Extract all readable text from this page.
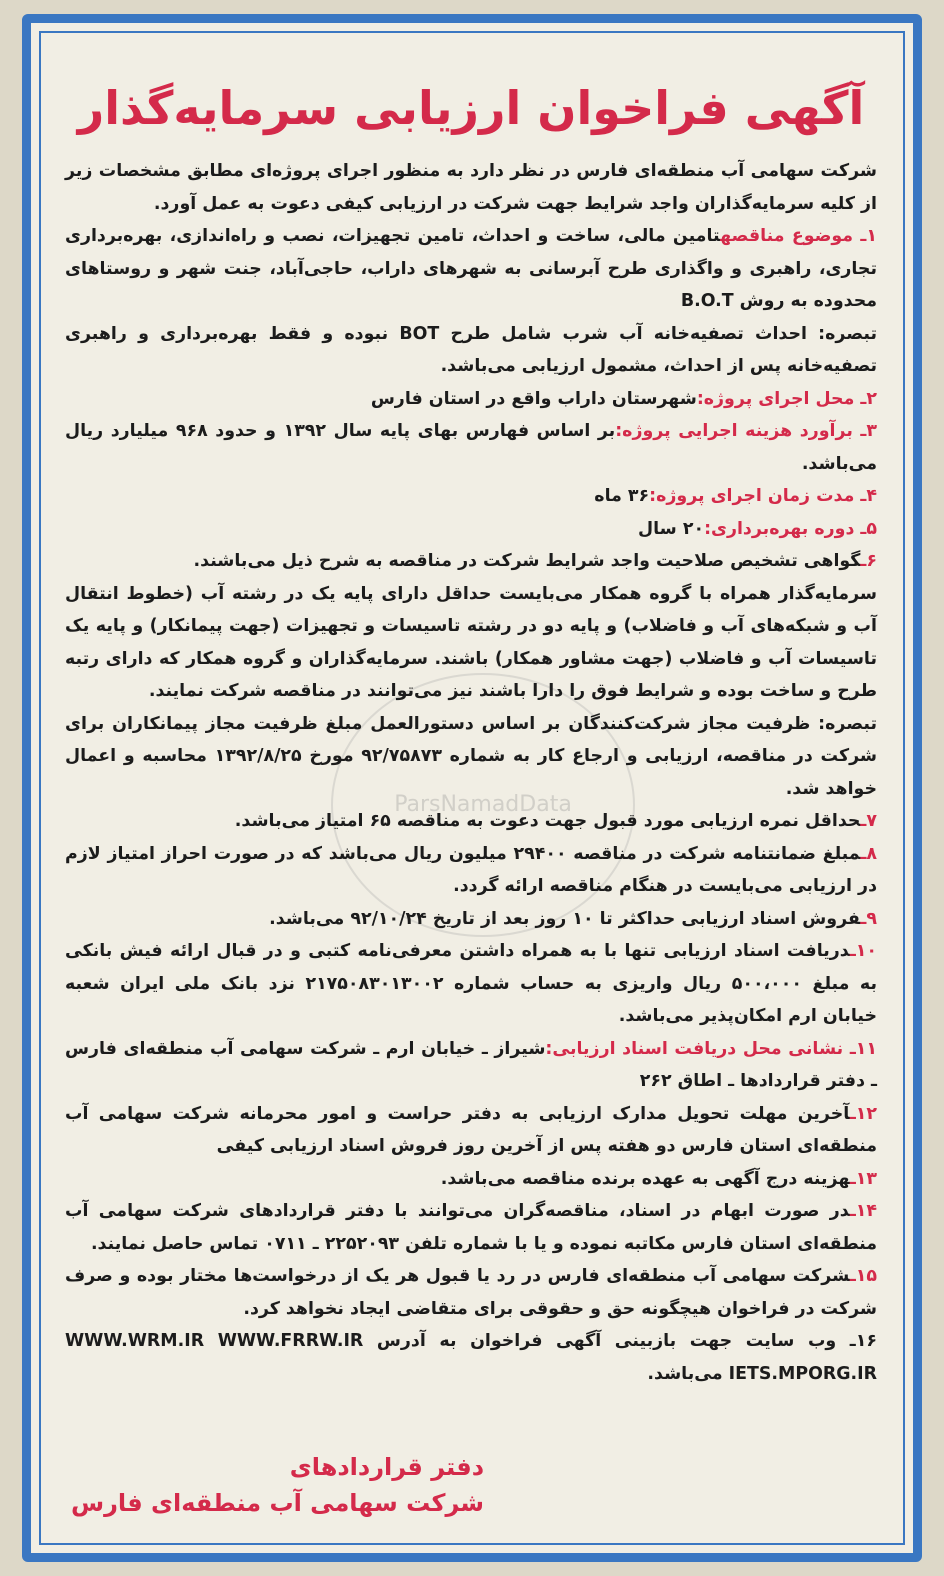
ParsNamadData
آگهی فراخوان ارزیابی سرمایه‌گذار

شرکت سهامی آب منطقه‌ای فارس در نظر دارد به منظور اجرای پروژه‌ای مطابق مشخصات زیر از کلیه سرمایه‌گذاران واجد شرایط جهت شرکت در ارزیابی کیفی دعوت به عمل آورد.

۱ـ موضوع مناقصهتامین مالی، ساخت و احداث، تامین تجهیزات، نصب و راه‌اندازی، بهره‌برداری تجاری، راهبری و واگذاری طرح آبرسانی به شهرهای داراب، حاجی‌آباد، جنت شهر و روستاهای محدوده به روش B.O.T

تبصره: احداث تصفیه‌خانه آب شرب شامل طرح BOT نبوده و فقط بهره‌برداری و راهبری تصفیه‌خانه پس از احداث، مشمول ارزیابی می‌باشد.

۲ـ محل اجرای پروژه:شهرستان داراب واقع در استان فارس

۳ـ برآورد هزینه اجرایی پروژه:بر اساس فهارس بهای پایه سال ۱۳۹۲ و حدود ۹۶۸ میلیارد ریال می‌باشد.

۴ـ مدت زمان اجرای پروژه:۳۶ ماه

۵ـ دوره بهره‌برداری:۲۰ سال

۶ـگواهی تشخیص صلاحیت واجد شرایط شرکت در مناقصه به شرح ذیل می‌باشند.

سرمایه‌گذار همراه با گروه همکار می‌بایست حداقل دارای پایه یک در رشته آب (خطوط انتقال آب و شبکه‌های آب و فاضلاب) و پایه دو در رشته تاسیسات و تجهیزات (جهت پیمانکار) و پایه یک تاسیسات آب و فاضلاب (جهت مشاور همکار) باشند. سرمایه‌گذاران و گروه همکار که دارای رتبه طرح و ساخت بوده و شرایط فوق را دارا باشند نیز می‌توانند در مناقصه شرکت نمایند.

تبصره: ظرفیت مجاز شرکت‌کنندگان بر اساس دستورالعمل مبلغ ظرفیت مجاز پیمانکاران برای شرکت در مناقصه، ارزیابی و ارجاع کار به شماره ۹۲/۷۵۸۷۳ مورخ ۱۳۹۲/۸/۲۵ محاسبه و اعمال خواهد شد.

۷ـحداقل نمره ارزیابی مورد قبول جهت دعوت به مناقصه ۶۵ امتیاز می‌باشد.

۸ـمبلغ ضمانتنامه شرکت در مناقصه ۲۹۴۰۰ میلیون ریال می‌باشد که در صورت احراز امتیاز لازم در ارزیابی می‌بایست در هنگام مناقصه ارائه گردد.

۹ـفروش اسناد ارزیابی حداکثر تا ۱۰ روز بعد از تاریخ ۹۲/۱۰/۲۴ می‌باشد.

۱۰ـدریافت اسناد ارزیابی تنها با به همراه داشتن معرفی‌نامه کتبی و در قبال ارائه فیش بانکی به مبلغ ۵۰۰،۰۰۰ ریال واریزی به حساب شماره ۲۱۷۵۰۸۳۰۱۳۰۰۲ نزد بانک ملی ایران شعبه خیابان ارم امکان‌پذیر می‌باشد.

۱۱ـ نشانی محل دریافت اسناد ارزیابی:شیراز ـ خیابان ارم ـ شرکت سهامی آب منطقه‌ای فارس ـ دفتر قراردادها ـ اطاق ۲۶۲

۱۲ـآخرین مهلت تحویل مدارک ارزیابی به دفتر حراست و امور محرمانه شرکت سهامی آب منطقه‌ای استان فارس دو هفته پس از آخرین روز فروش اسناد ارزیابی کیفی

۱۳ـهزینه درج آگهی به عهده برنده مناقصه می‌باشد.

۱۴ـدر صورت ابهام در اسناد، مناقصه‌گران می‌توانند با دفتر قراردادهای شرکت سهامی آب منطقه‌ای استان فارس مکاتبه نموده و یا با شماره تلفن ۲۲۵۲۰۹۳ ـ ۰۷۱۱ تماس حاصل نمایند.

۱۵ـشرکت سهامی آب منطقه‌ای فارس در رد یا قبول هر یک از درخواست‌ها مختار بوده و صرف شرکت در فراخوان هیچگونه حق و حقوقی برای متقاضی ایجاد نخواهد کرد.

۱۶ـ وب سایت جهت بازبینی آگهی فراخوان به آدرس WWW.WRM.IR WWW.FRRW.IR IETS.MPORG.IR می‌باشد.

دفتر قراردادهای
شرکت سهامی آب منطقه‌ای فارس
